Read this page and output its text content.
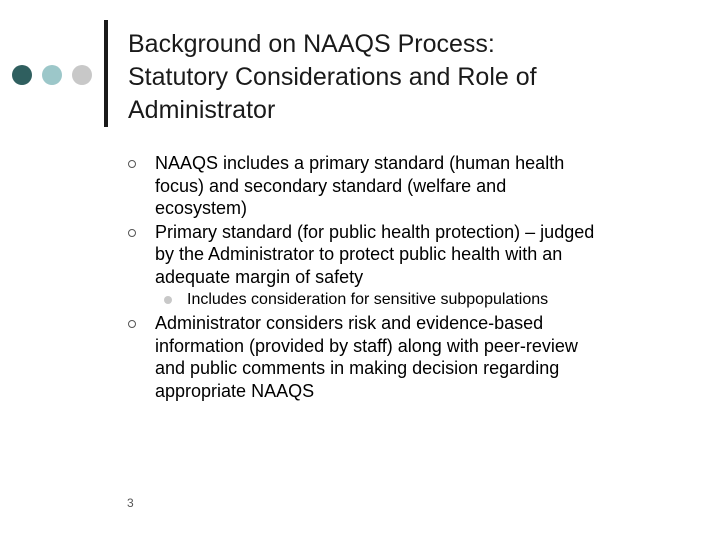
Background on NAAQS Process:
Statutory Considerations and Role of
Administrator
NAAQS includes a primary standard (human health
focus) and secondary standard (welfare and
ecosystem)
Primary standard (for public health protection) – judged
by the Administrator to protect public health with an
adequate margin of safety
Includes consideration for sensitive subpopulations
Administrator considers risk and evidence-based
information (provided by staff) along with peer-review
and public comments in making decision regarding
appropriate NAAQS
3
